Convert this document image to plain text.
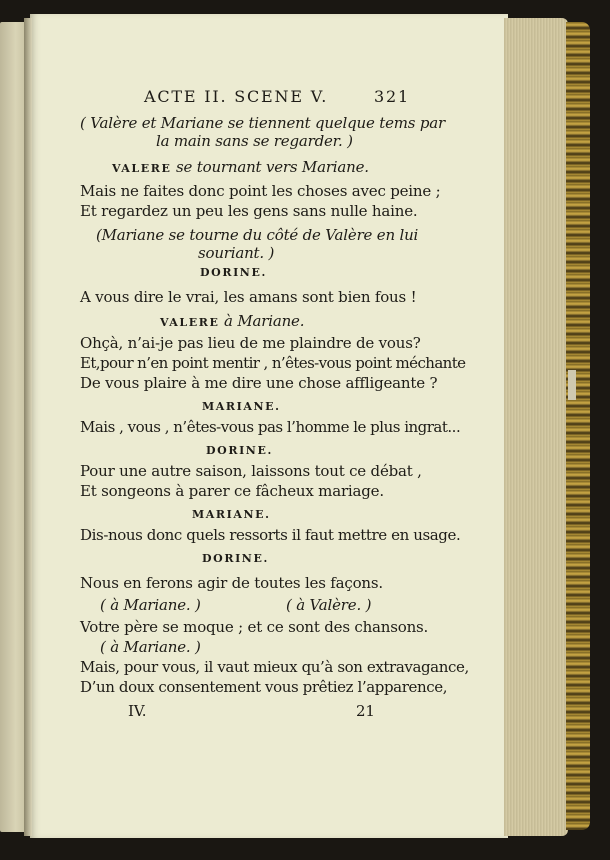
ACTE II. SCENE V.	321
( Valère et Mariane se tiennent quelque tems par
la main sans se regarder. )
VALERE se tournant vers Mariane.
Mais ne faites donc point les choses avec peine ;
Et regardez un peu les gens sans nulle haine.
(Mariane se tourne du côté de Valère en lui
souriant. )
DORINE.
A vous dire le vrai, les amans sont bien fous !
VALERE à Mariane.
Ohçà, n’ai-je pas lieu de me plaindre de vous?
Et,pour n’en point mentir , n’êtes-vous point méchante
De vous plaire à me dire une chose affligeante ?
MARIANE.
Mais , vous , n’êtes-vous pas l’homme le plus ingrat...
DORINE.
Pour une autre saison, laissons tout ce débat ,
Et songeons à parer ce fâcheux mariage.
MARIANE.
Dis-nous donc quels ressorts il faut mettre en usage.
DORINE.
Nous en ferons agir de toutes les façons.
( à Mariane. )	( à Valère. )
Votre père se moque ; et ce sont des chansons.
( à Mariane. )
Mais, pour vous, il vaut mieux qu’à son extravagance,
D’un doux consentement vous prêtiez l’apparence,
IV.	21
